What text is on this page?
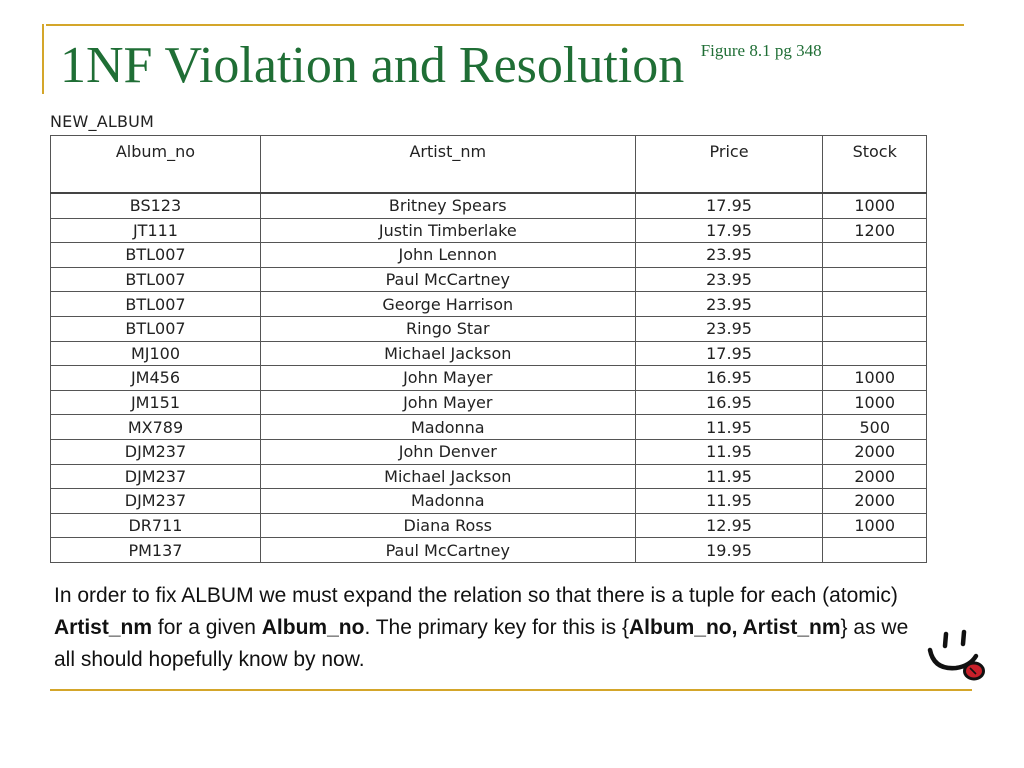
1NF Violation and Resolution Figure 8.1 pg 348
NEW_ALBUM
Album_no	Artist_nm	Price	Stock
BS123	Britney Spears	17.95	1000
JT111	Justin Timberlake	17.95	1200
BTL007	John Lennon	23.95	
BTL007	Paul McCartney	23.95	
BTL007	George Harrison	23.95	
BTL007	Ringo Star	23.95	
MJ100	Michael Jackson	17.95	
JM456	John Mayer	16.95	1000
JM151	John Mayer	16.95	1000
MX789	Madonna	11.95	500
DJM237	John Denver	11.95	2000
DJM237	Michael Jackson	11.95	2000
DJM237	Madonna	11.95	2000
DR711	Diana Ross	12.95	1000
PM137	Paul McCartney	19.95	
In order to fix ALBUM we must expand the relation so that there is a tuple for each (atomic) Artist_nm for a given Album_no. The primary key for this is {Album_no, Artist_nm} as we all should hopefully know by now.
